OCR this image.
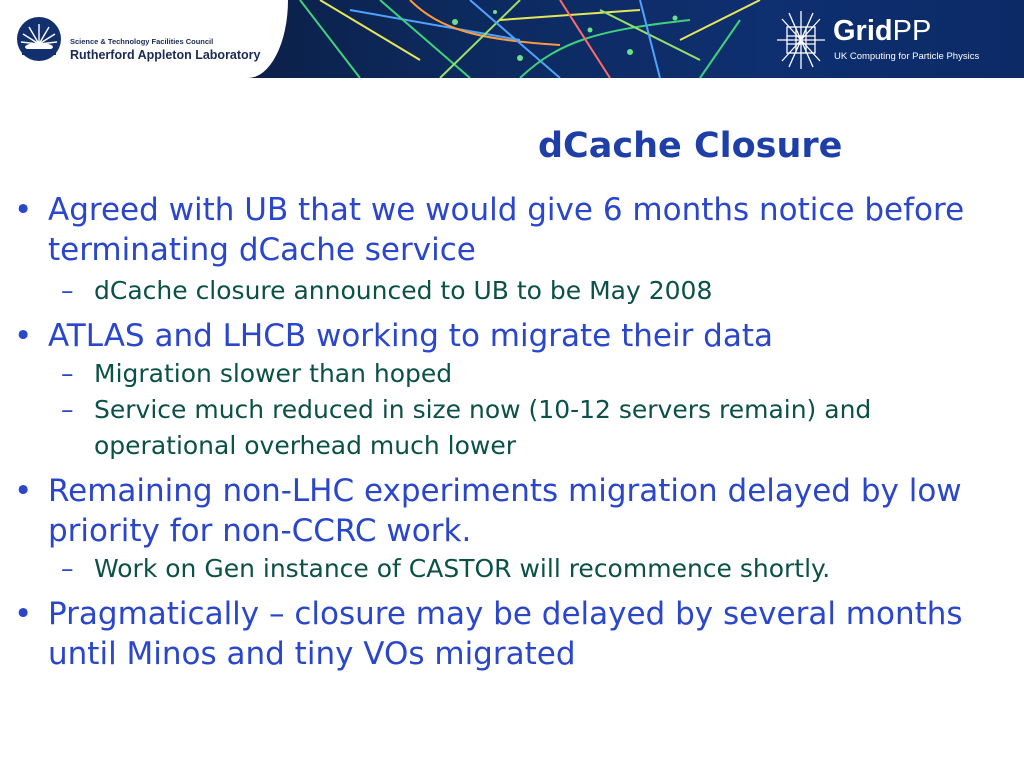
Science & Technology Facilities Council
Rutherford Appleton Laboratory
GridPP
UK Computing for Particle Physics
dCache Closure
• Agreed with UB that we would give 6 months notice before terminating dCache service
– dCache closure announced to UB to be May 2008
• ATLAS and LHCB working to migrate their data
– Migration slower than hoped
– Service much reduced in size now (10-12 servers remain) and operational overhead much lower
• Remaining non-LHC experiments migration delayed by low priority for non-CCRC work.
– Work on Gen instance of CASTOR will recommence shortly.
• Pragmatically – closure may be delayed by several months until Minos and tiny VOs migrated
